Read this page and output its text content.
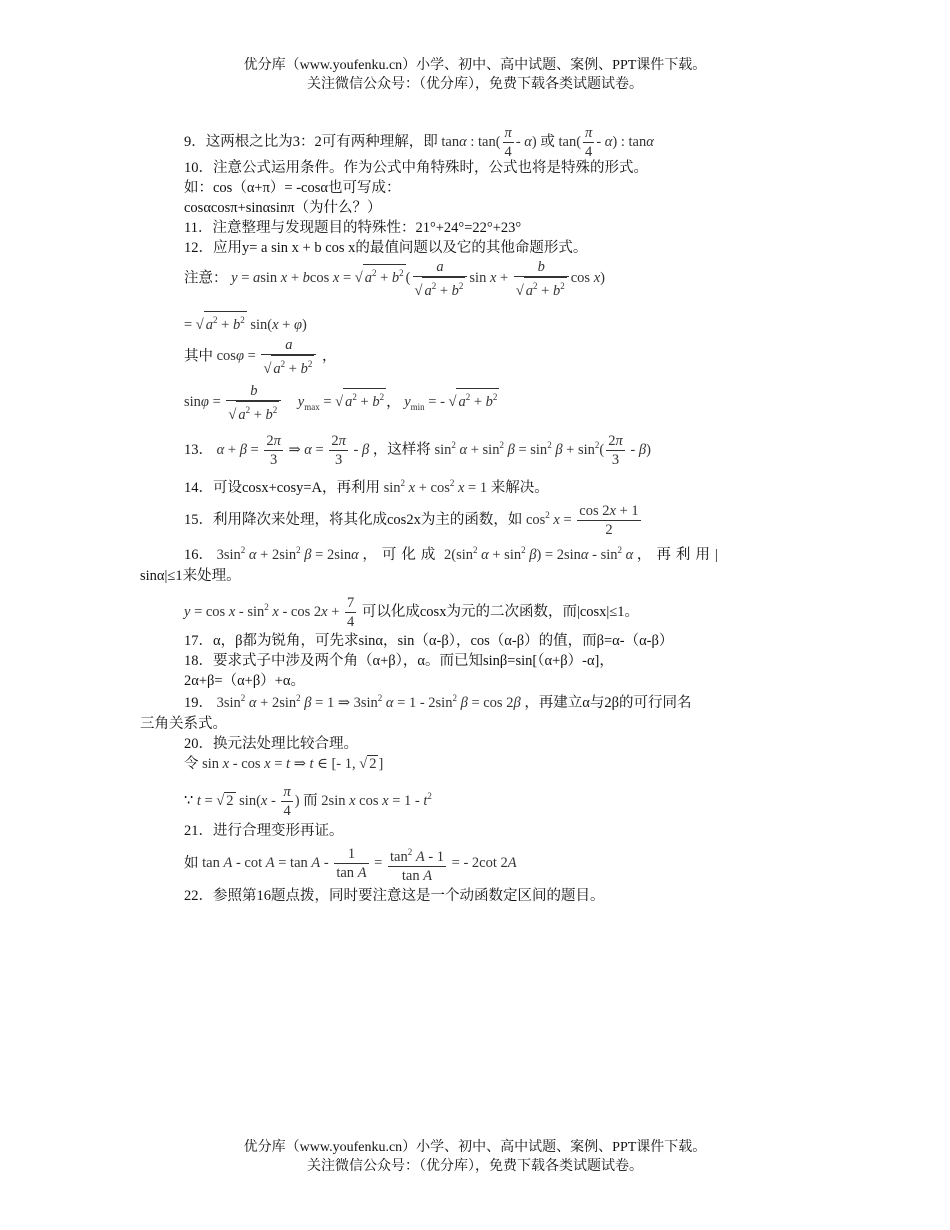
优分库（www.youfenku.cn）小学、初中、高中试题、案例、PPT课件下载。
关注微信公众号：（优分库），免费下载各类试题试卷。
9．这两根之比为3：2可有两种理解，即 tanα : $\tan( \frac{\pi}{4} - \alpha)$ 或 $\tan( \frac{\pi}{4} - \alpha)$ : tanα
10．注意公式运用条件。作为公式中角特殊时，公式也将是特殊的形式。
如：cos（α+π）= -cosα也可写成：
cosαcosπ+sinαsinπ（为什么？）
11．注意整理与发现题目的特殊性：21°+24°=22°+23°
12．应用y= a sin x + b cos x的最值问题以及它的其他命题形式。
注意： y = asin x + bcos x = √ $a^2 + b^2$ ( $\frac{a}{√ a^2 + b^2}$ $\sin x + \frac{b}{√ a^2 + b^2}$ cos x)
= √ $a^2 + b^2$ sin(x + φ)
其中 $\cos\varphi = \frac{a}{√ a^2 + b^2}$ ，
$\sin\varphi = \frac{b}{√ a^2 + b^2} y_{max}$ = √ $a^2 + b^2$ ， $y_{min}$ = - √ $a^2 + b^2$
13． $\alpha + \beta = \frac{2\pi}{3}$ ⇒ $\alpha = \frac{2\pi}{3} - \beta$ ，这样将 $\sin^2 \alpha + \sin^2 \beta = \sin^2 \beta + \sin^2( \frac{2\pi}{3} - \beta)$
14．可设cosx+cosy=A，再利用 $\sin^2 x + \cos^2 x = 1$ 来解决。
15．利用降次来处理，将其化成cos2x为主的函数，如 $\cos^2 x = \frac{\cos 2x + 1}{2}$
16． $3\sin^2$ $\alpha + 2\sin^2$ β = 2sinα ，可化成 $2(\sin^2$ $\alpha + \sin^2 \beta) = 2\sin\alpha - \sin^2 \alpha$ ，再利用|
sinα|≤1来处理。
$y = \cos x - \sin^2 x - \cos 2x + \frac{7}{4}$ 可以化成cosx为元的二次函数，而|cosx|≤1。
17．α，β都为锐角，可先求sinα，sin（α-β），cos（α-β）的值，而β=α-（α-β）
18．要求式子中涉及两个角（α+β），α。而已知sinβ=sin[（α+β）-α]，
2α+β=（α+β）+α。
19． $3\sin^2$ $\alpha + 2\sin^2$ β = 1 ⇒ $3\sin^2$ $\alpha = 1 - 2\sin^2$ β = cos 2β ，再建立α与2β的可行同名
三角关系式。
20．换元法处理比较合理。
令 sin x - cos x = t ⇒ t ∈ [- 1, √ 2 ]
∵ t = √ 2 $\sin(x - \frac{\pi}{4}$ ) 而 2sin x $\cos x = 1 - t^2$
21．进行合理变形再证。
如 $\tan A - \cot A = \tan A - \frac{1}{\text{tan A}} = \frac{\tan^2 A - 1}{\text{tan A}}$ = - 2cot 2A
22．参照第16题点拨，同时要注意这是一个动函数定区间的题目。
优分库（www.youfenku.cn）小学、初中、高中试题、案例、PPT课件下载。
关注微信公众号：（优分库），免费下载各类试题试卷。
